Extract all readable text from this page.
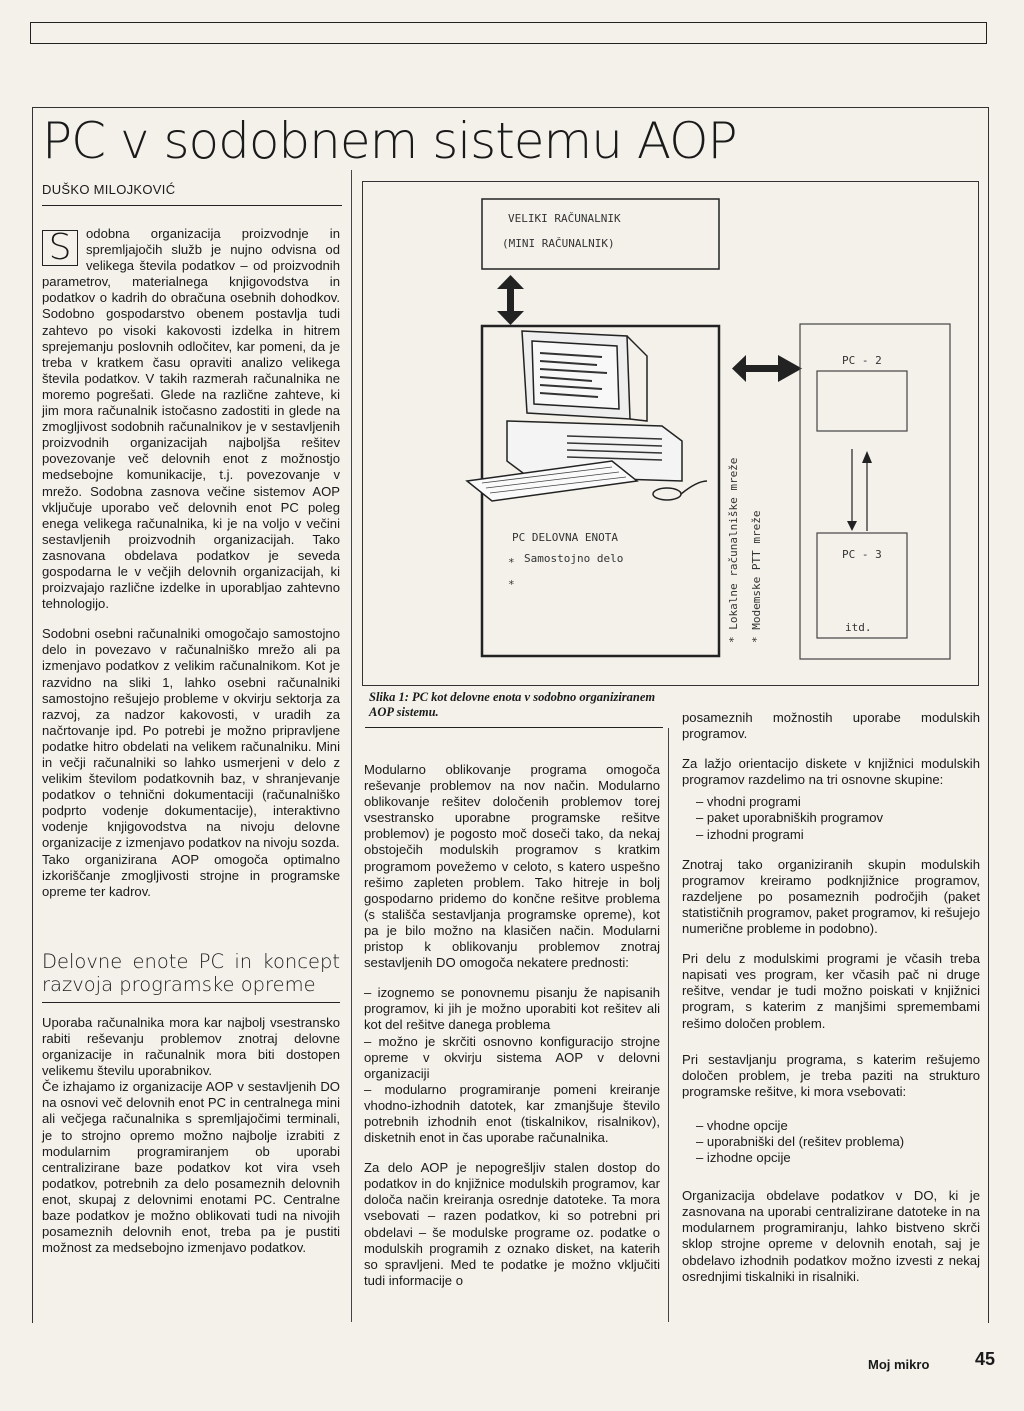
PC v sodobnem sistemu AOP
DUŠKO MILOJKOVIĆ

S	odobna organizacija proizvodnje in spremljajočih služb je nujno odvisna od velikega števila podatkov – od proizvodnih parametrov, materialnega knjigovodstva in podatkov o kadrih do obračuna osebnih dohodkov. Sodobno gospodarstvo obenem postavlja tudi zahtevo po visoki kakovosti izdelka in hitrem sprejemanju poslovnih odločitev, kar pomeni, da je treba v kratkem času opraviti analizo velikega števila podatkov. V takih razmerah računalnika ne moremo pogrešati. Glede na različne zahteve, ki jim mora računalnik istočasno zadostiti in glede na zmogljivost sodobnih računalnikov je v sestavljenih proizvodnih organizacijah najboljša rešitev povezovanje več delovnih enot z možnostjo medsebojne komunikacije, t.j. povezovanje v mrežo. Sodobna zasnova večine sistemov AOP vključuje uporabo več delovnih enot PC poleg enega velikega računalnika, ki je na voljo v večini sestavljenih proizvodnih organizacijah. Tako zasnovana obdelava podatkov je seveda gospodarna le v večjih delovnih organizacijah, ki proizvajajo različne izdelke in uporabljao zahtevno tehnologijo.

Sodobni osebni računalniki omogočajo samostojno delo in povezavo v računalniško mrežo ali pa izmenjavo podatkov z velikim računalnikom. Kot je razvidno na sliki 1, lahko osebni računalniki samostojno rešujejo probleme v okvirju sektorja za razvoj, za nadzor kakovosti, v uradih za načrtovanje ipd. Po potrebi je možno pripravljene podatke hitro obdelati na velikem računalniku. Mini in večji računalniki so lahko usmerjeni v delo z velikim številom podatkovnih baz, v shranjevanje podatkov o tehnični dokumentaciji (računalniško podprto vodenje dokumentacije), interaktivno vodenje knjigovodstva na nivoju delovne organizacije z izmenjavo podatkov na nivoju sozda.

Tako organizirana AOP omogoča optimalno izkoriščanje zmogljivosti strojne in programske opreme ter kadrov.

Delovne enote PC in koncept razvoja programske opreme

Uporaba računalnika mora kar najbolj vsestransko rabiti reševanju problemov znotraj delovne organizacije in računalnik mora biti dostopen velikemu številu uporabnikov.

Če izhajamo iz organizacije AOP v sestavljenih DO na osnovi več delovnih enot PC in centralnega mini ali večjega računalnika s spremljajočimi terminali, je to strojno opremo možno najbolje izrabiti z modularnim programiranjem ob uporabi centralizirane baze podatkov kot vira vseh podatkov, potrebnih za delo posameznih delovnih enot, skupaj z delovnimi enotami PC. Centralne baze podatkov je možno oblikovati tudi na nivojih posameznih delovnih enot, treba pa je pustiti možnost za medsebojno izmenjavo podatkov.

* Lokalne računalniške mreže * Modemske PTT mreže
VELIKI RAČUNALNIK
(MINI RAČUNALNIK)
PC DELOVNA ENOTA
* Samostojno delo
*
PC - 2
PC - 3
itd.
Slika 1: PC kot delovne enota v sodobno organiziranem AOP sistemu.

Modularno oblikovanje programa omogoča reševanje problemov na nov način. Modularno oblikovanje rešitev določenih problemov torej vsestransko uporabne programske rešitve problemov) je pogosto moč doseči tako, da nekaj obstoječih modulskih programov s kratkim programom povežemo v celoto, s katero uspešno rešimo zapleten problem. Tako hitreje in bolj gospodarno pridemo do končne rešitve problema (s stališča sestavljanja programske opreme), kot pa je bilo možno na klasičen način. Modularni pristop k oblikovanju problemov znotraj sestavljenih DO omogoča nekatere prednosti:

– izognemo se ponovnemu pisanju že napisanih programov, ki jih je možno uporabiti kot rešitev ali kot del rešitve danega problema

– možno je skrčiti osnovno konfiguracijo strojne opreme v okvirju sistema AOP v delovni organizaciji

– modularno programiranje pomeni kreiranje vhodno-izhodnih datotek, kar zmanjšuje število potrebnih izhodnih enot (tiskalnikov, risalnikov), disketnih enot in čas uporabe računalnika.

Za delo AOP je nepogrešljiv stalen dostop do podatkov in do knjižnice modulskih programov, kar določa način kreiranja osrednje datoteke. Ta mora vsebovati – razen podatkov, ki so potrebni pri obdelavi – še modulske programe oz. podatke o modulskih programih z oznako disket, na katerih so spravljeni. Med te podatke je možno vključiti tudi informacije o

posameznih možnostih uporabe modulskih programov.

Za lažjo orientacijo diskete v knjižnici modulskih programov razdelimo na tri osnovne skupine:

– vhodni programi
– paket uporabniških programov
– izhodni programi

Znotraj tako organiziranih skupin modulskih programov kreiramo podknjižnice programov, razdeljene po posameznih področjih (paket statističnih programov, paket programov, ki rešujejo numerične probleme in podobno).

Pri delu z modulskimi programi je včasih treba napisati ves program, ker včasih pač ni druge rešitve, vendar je tudi možno poiskati v knjižnici program, s katerim z manjšimi spremembami rešimo določen problem.

Pri sestavljanju programa, s katerim rešujemo določen problem, je treba paziti na strukturo programske rešitve, ki mora vsebovati:

– vhodne opcije
– uporabniški del (rešitev problema)
– izhodne opcije

Organizacija obdelave podatkov v DO, ki je zasnovana na uporabi centralizirane datoteke in na modularnem programiranju, lahko bistveno skrči sklop strojne opreme v delovnih enotah, saj je obdelavo izhodnih podatkov možno izvesti z nekaj osrednjimi tiskalniki in risalniki.

Moj mikro	45
